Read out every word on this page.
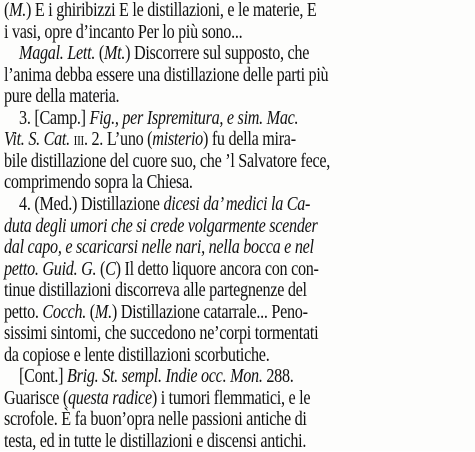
(M.) E i ghiribizzi E le distillazioni, e le materie, E
i vasi, opre d’incanto Per lo più sono...
Magal. Lett. (Mt.) Discorrere sul supposto, che
l’anima debba essere una distillazione delle parti più
pure della materia.
3. [Camp.] Fig., per Ispremitura, e sim. Mac.
Vit. S. Cat. iii. 2. L’uno (misterio) fu della mira-
bile distillazione del cuore suo, che ’l Salvatore fece,
comprimendo sopra la Chiesa.
4. (Med.) Distillazione dicesi da’ medici la Ca-
duta degli umori che si crede volgarmente scender
dal capo, e scaricarsi nelle nari, nella bocca e nel
petto. Guid. G. (C) Il detto liquore ancora con con-
tinue distillazioni discorreva alle partegnenze del
petto. Cocch. (M.) Distillazione catarrale... Peno-
sissimi sintomi, che succedono ne’corpi tormentati
da copiose e lente distillazioni scorbutiche.
[Cont.] Brig. St. sempl. Indie occ. Mon. 288.
Guarisce (questa radice) i tumori flemmatici, e le
scrofole. È fa buon’opra nelle passioni antiche di
testa, ed in tutte le distillazioni e discensi antichi.
